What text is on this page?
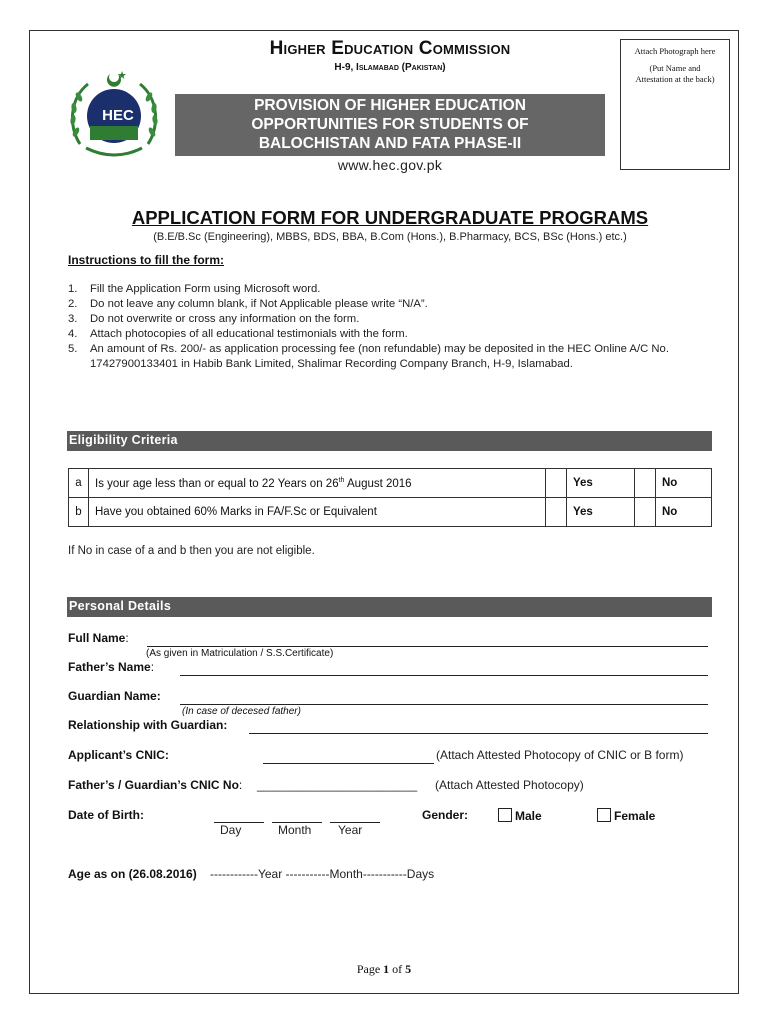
HEC
Higher Education Commission
H-9, Islamabad (Pakistan)
PROVISION OF HIGHER EDUCATION
OPPORTUNITIES FOR STUDENTS OF
BALOCHISTAN AND FATA PHASE-II
www.hec.gov.pk
Attach Photograph here
(Put Name and
Attestation at the back)
APPLICATION FORM FOR UNDERGRADUATE PROGRAMS
(B.E/B.Sc (Engineering), MBBS, BDS, BBA, B.Com (Hons.), B.Pharmacy, BCS, BSc (Hons.) etc.)
Instructions to fill the form:
1.	Fill the Application Form using Microsoft word.
2.	Do not leave any column blank, if Not Applicable please write “N/A”.
3.	Do not overwrite or cross any information on the form.
4.	Attach photocopies of all educational testimonials with the form.
5.	An amount of Rs. 200/- as application processing fee (non refundable) may be deposited in the HEC Online A/C No. 17427900133401 in Habib Bank Limited, Shalimar Recording Company Branch, H-9, Islamabad.
Eligibility Criteria
a	Is your age less than or equal to 22 Years on 26th August 2016		Yes		No
b	Have you obtained 60% Marks in FA/F.Sc or Equivalent		Yes		No
If No in case of a and b then you are not eligible.
Personal Details
Full Name:
(As given in Matriculation / S.S.Certificate)
Father’s Name:
Guardian Name:
(In case of decesed father)
Relationship with Guardian:
Applicant’s CNIC:	(Attach Attested Photocopy of CNIC or B form)
Father’s / Guardian’s CNIC No: ________________________ (Attach Attested Photocopy)
Date of Birth:
Day	Month Year
Gender:	Male	Female
Age as on (26.08.2016) ------------Year -----------Month-----------Days
Page 1 of 5
